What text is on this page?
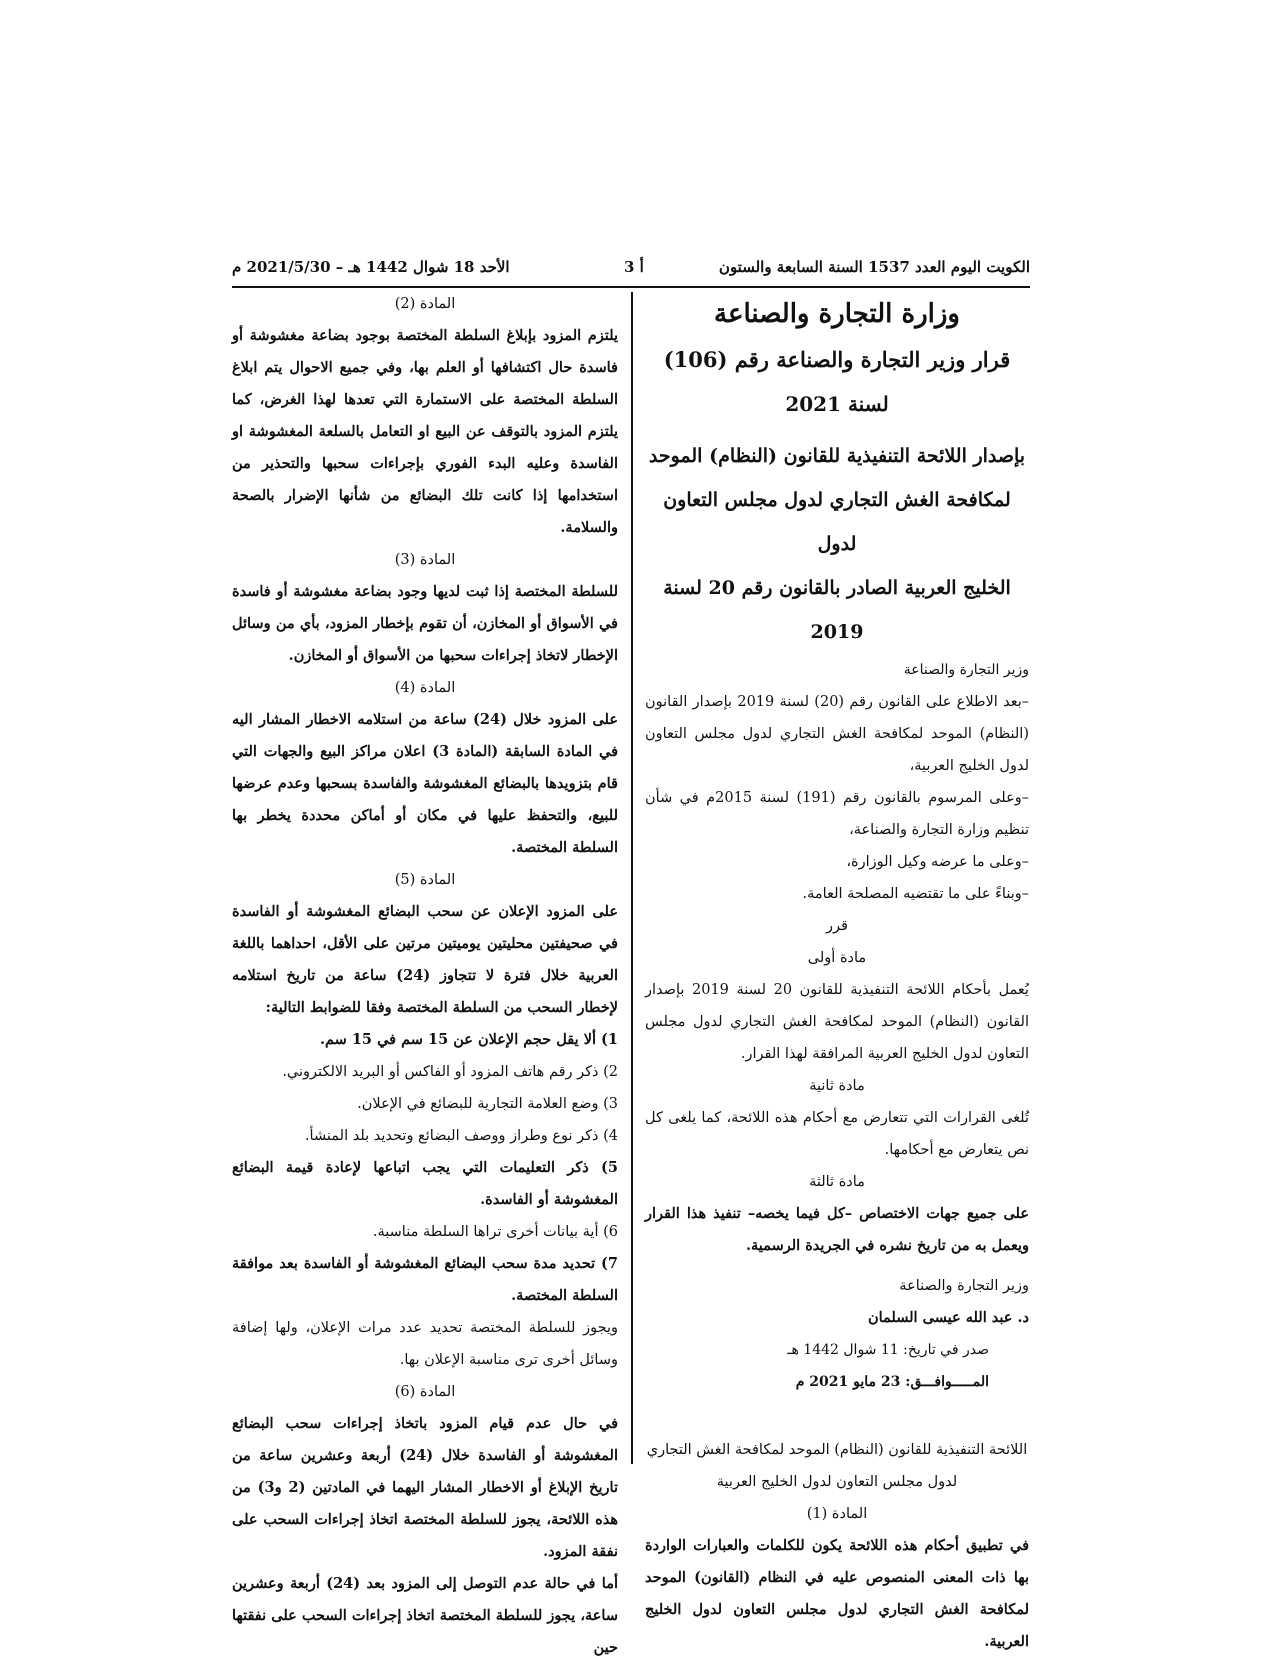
الأحد 18 شوال 1442 هـ – 2021/5/30 م	أ 3	الكويت اليوم العدد 1537 السنة السابعة والستون

وزارة التجارة والصناعة

قرار وزير التجارة والصناعة رقم (106)

لسنة 2021

بإصدار اللائحة التنفيذية للقانون (النظام) الموحد

لمكافحة الغش التجاري لدول مجلس التعاون لدول

الخليج العربية الصادر بالقانون رقم 20 لسنة 2019

وزير التجارة والصناعة

–بعد الاطلاع على القانون رقم (20) لسنة 2019 بإصدار القانون (النظام) الموحد لمكافحة الغش التجاري لدول مجلس التعاون لدول الخليج العربية،

–وعلى المرسوم بالقانون رقم (191) لسنة 2015م في شأن تنظيم وزارة التجارة والصناعة،

–وعلى ما عرضه وكيل الوزارة،

–وبناءً على ما تقتضيه المصلحة العامة.

قرر

مادة أولى

يُعمل بأحكام اللائحة التنفيذية للقانون 20 لسنة 2019 بإصدار القانون (النظام) الموحد لمكافحة الغش التجاري لدول مجلس التعاون لدول الخليج العربية المرافقة لهذا القرار.

مادة ثانية

تُلغى القرارات التي تتعارض مع أحكام هذه اللائحة، كما يلغى كل نص يتعارض مع أحكامها.

مادة ثالثة

على جميع جهات الاختصاص –كل فيما يخصه– تنفيذ هذا القرار ويعمل به من تاريخ نشره في الجريدة الرسمية.

وزير التجارة والصناعة

د. عبد الله عيسى السلمان

صدر في تاريخ: 11 شوال 1442 هـ

المـــــوافـــق: 23 مايو 2021 م

اللائحة التنفيذية للقانون (النظام) الموحد لمكافحة الغش التجاري

لدول مجلس التعاون لدول الخليج العربية

المادة (1)

في تطبيق أحكام هذه اللائحة يكون للكلمات والعبارات الواردة بها ذات المعنى المنصوص عليه في النظام (القانون) الموحد لمكافحة الغش التجاري لدول مجلس التعاون لدول الخليج العربية.

المادة (2)

يلتزم المزود بإبلاغ السلطة المختصة بوجود بضاعة مغشوشة أو فاسدة حال اكتشافها أو العلم بها، وفي جميع الاحوال يتم ابلاغ السلطة المختصة على الاستمارة التي تعدها لهذا الغرض، كما يلتزم المزود بالتوقف عن البيع او التعامل بالسلعة المغشوشة او الفاسدة وعليه البدء الفوري بإجراءات سحبها والتحذير من استخدامها إذا كانت تلك البضائع من شأنها الإضرار بالصحة والسلامة.

المادة (3)

للسلطة المختصة إذا ثبت لديها وجود بضاعة مغشوشة أو فاسدة في الأسواق أو المخازن، أن تقوم بإخطار المزود، بأي من وسائل الإخطار لاتخاذ إجراءات سحبها من الأسواق أو المخازن.

المادة (4)

على المزود خلال (24) ساعة من استلامه الاخطار المشار اليه في المادة السابقة (المادة 3) اعلان مراكز البيع والجهات التي قام بتزويدها بالبضائع المغشوشة والفاسدة بسحبها وعدم عرضها للبيع، والتحفظ عليها في مكان أو أماكن محددة يخطر بها السلطة المختصة.

المادة (5)

على المزود الإعلان عن سحب البضائع المغشوشة أو الفاسدة في صحيفتين محليتين يوميتين مرتين على الأقل، احداهما باللغة العربية خلال فترة لا تتجاوز (24) ساعة من تاريخ استلامه لإخطار السحب من السلطة المختصة وفقا للضوابط التالية:

1) ألا يقل حجم الإعلان عن 15 سم في 15 سم.

2) ذكر رقم هاتف المزود أو الفاكس أو البريد الالكتروني.

3) وضع العلامة التجارية للبضائع في الإعلان.

4) ذكر نوع وطراز ووصف البضائع وتحديد بلد المنشأ.

5) ذكر التعليمات التي يجب اتباعها لإعادة قيمة البضائع المغشوشة أو الفاسدة.

6) أية بيانات أخرى تراها السلطة مناسبة.

7) تحديد مدة سحب البضائع المغشوشة أو الفاسدة بعد موافقة السلطة المختصة.

ويجوز للسلطة المختصة تحديد عدد مرات الإعلان، ولها إضافة وسائل أخرى ترى مناسبة الإعلان بها.

المادة (6)

في حال عدم قيام المزود باتخاذ إجراءات سحب البضائع المغشوشة أو الفاسدة خلال (24) أربعة وعشرين ساعة من تاريخ الإبلاغ أو الاخطار المشار اليهما في المادتين (2 و3) من هذه اللائحة، يجوز للسلطة المختصة اتخاذ إجراءات السحب على نفقة المزود.

أما في حالة عدم التوصل إلى المزود بعد (24) أربعة وعشرين ساعة، يجوز للسلطة المختصة اتخاذ إجراءات السحب على نفقتها حين
